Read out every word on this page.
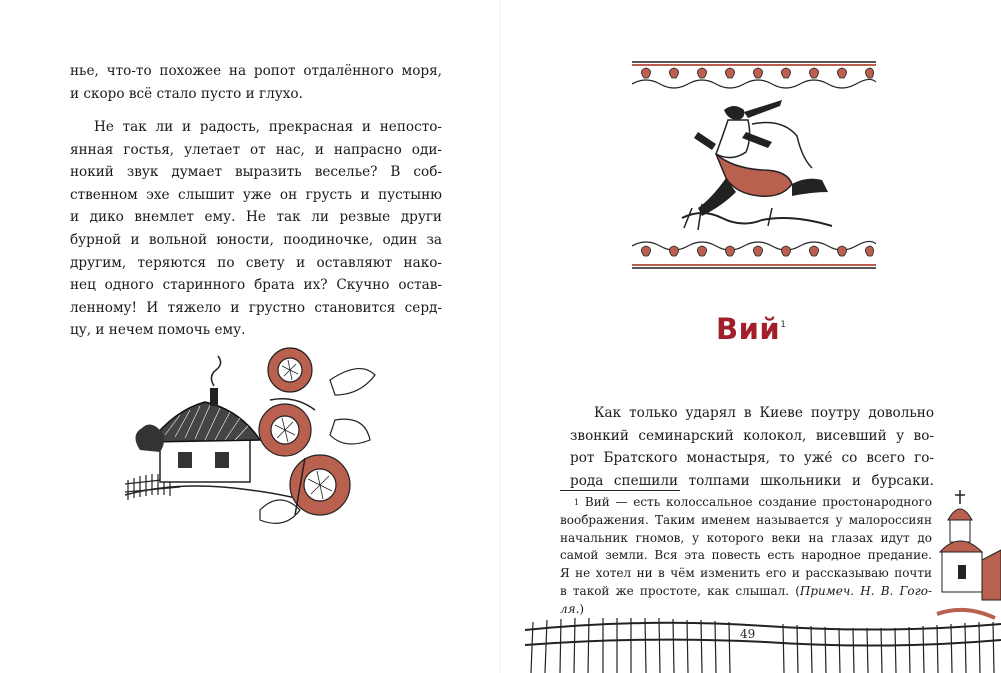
нье, что-то похожее на ропот отдалённого моря,
и скоро всё стало пусто и глухо.
Не так ли и радость, прекрасная и непосто-
янная гостья, улетает от нас, и напрасно оди-
нокий звук думает выразить веселье? В соб-
ственном эхе слышит уже он грусть и пустыню
и дико внемлет ему. Не так ли резвые други
бурной и вольной юности, поодиночке, один за
другим, теряются по свету и оставляют нако-
нец одного старинного брата их? Скучно остав-
ленному! И тяжело и грустно становится серд-
цу, и нечем помочь ему.	Вий$^1$
Как только ударял в Киеве поутру довольно
звонкий семинарский колокол, висевший у во-
рот Братского монастыря, то уже́ со всего го-
рода спешили толпами школьники и бурсаки.
$^1$ Вий — есть колоссальное создание простонародного
воображения. Таким именем называется у малороссиян
начальник гномов, у которого веки на глазах идут до
самой земли. Вся эта повесть есть народное предание.
Я не хотел ни в чём изменить его и рассказываю почти
в такой же простоте, как слышал. (Примеч. Н. В. Гого-
ля.)
49
